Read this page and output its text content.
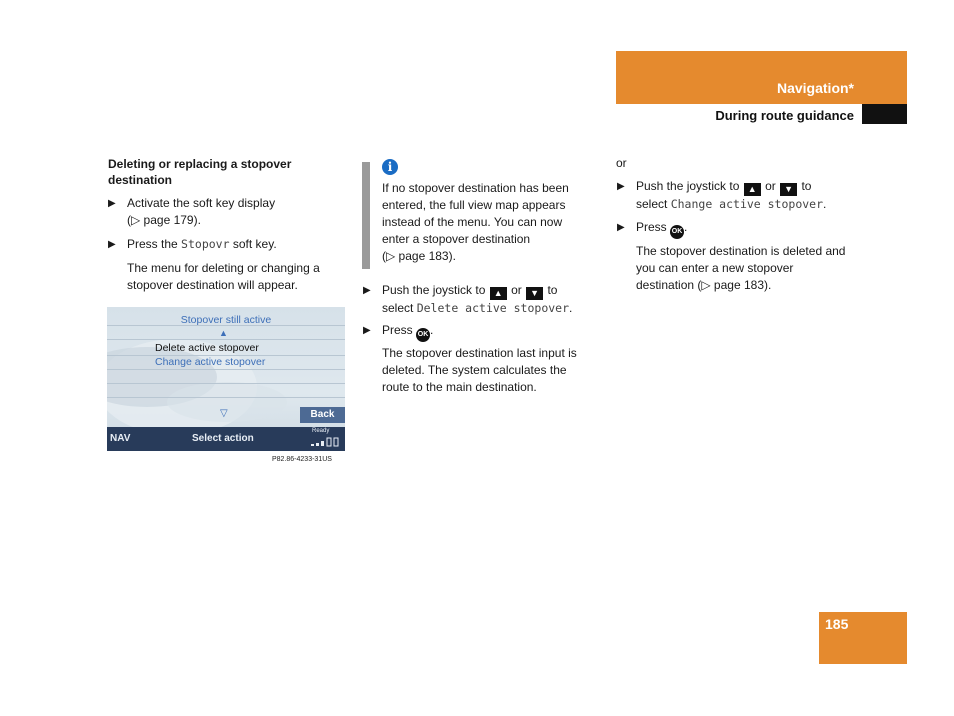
Navigation*
During route guidance
Deleting or replacing a stopover
destination
▶ Activate the soft key display
(▷ page 179).
▶ Press the Stopovr soft key.
The menu for deleting or changing a
stopover destination will appear.
Stopover still active
▲
Delete active stopover
Change active stopover
▽	Back
NAV	Select action
Ready
P82.86-4233-31US
i
If no stopover destination has been
entered, the full view map appears
instead of the menu. You can now
enter a stopover destination
(▷ page 183).
▶ Push the joystick to ▲ or ▼ to
select Delete active stopover.
▶ Press OK .
The stopover destination last input is
deleted. The system calculates the
route to the main destination.
or
▶ Push the joystick to ▲ or ▼ to
select Change active stopover.
▶ Press OK .
The stopover destination is deleted and
you can enter a new stopover
destination (▷ page 183).
185
